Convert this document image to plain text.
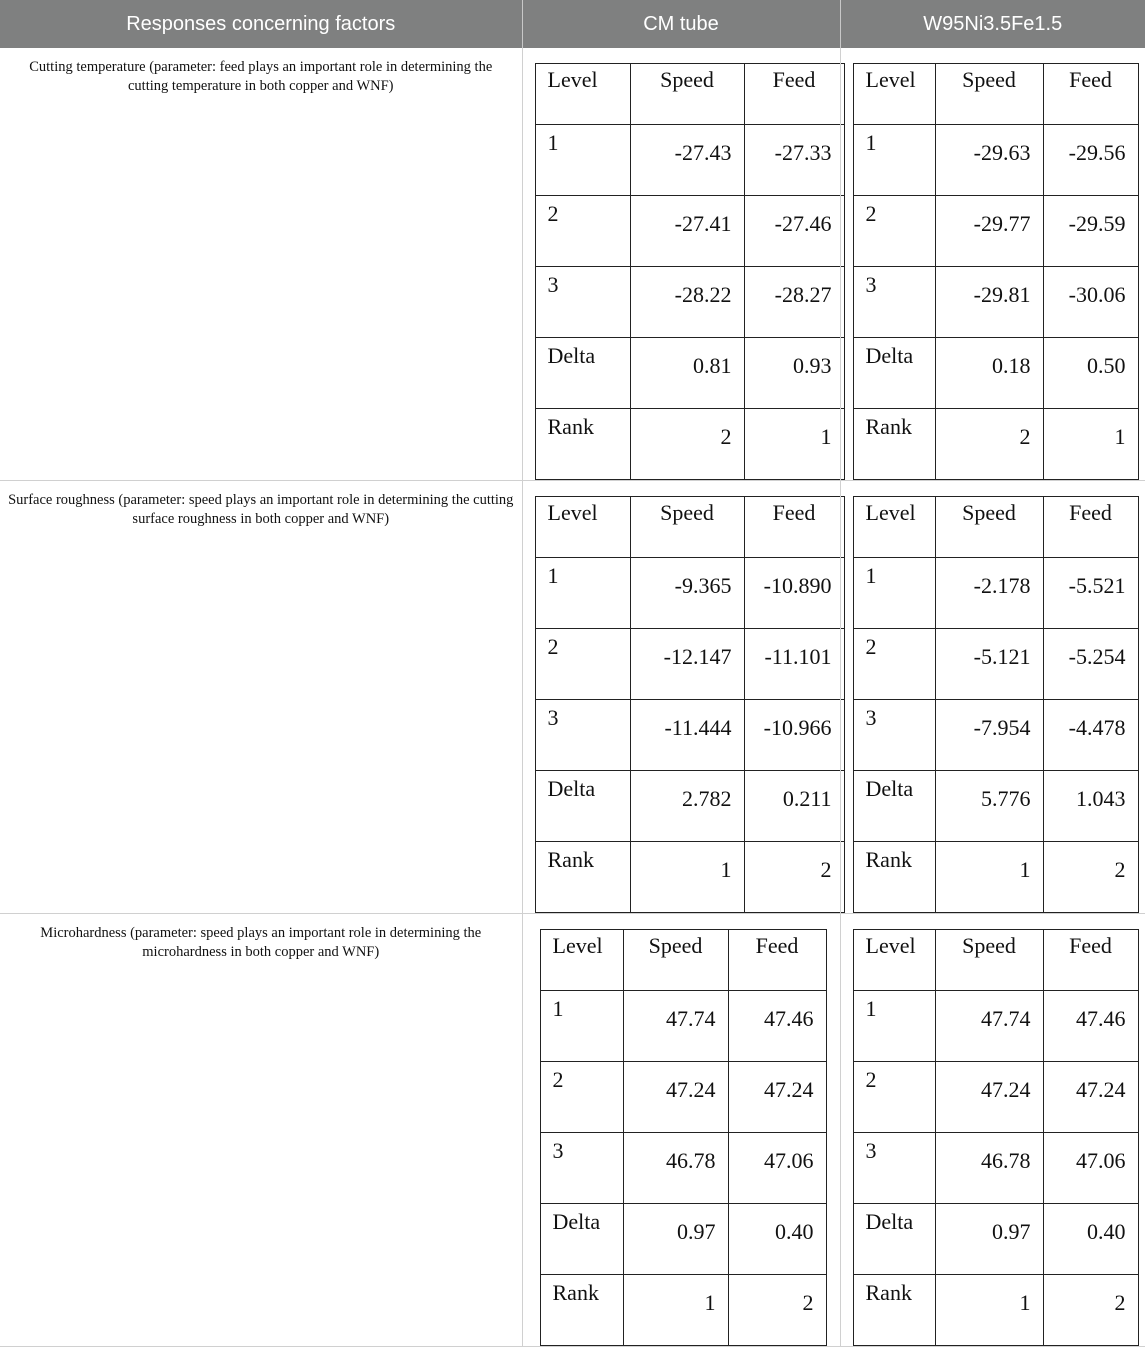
Responses concerning factors	CM tube	W95Ni3.5Fe1.5

Cutting temperature (parameter: feed plays an important role in determining the cutting temperature in both copper and WNF)
		Level	Speed	Feed
1	-27.43	-27.33
2	-27.41	-27.46
3	-28.22	-28.27
Delta	0.81	0.93
Rank	2	1

Level	Speed	Feed
1	-29.63	-29.56
2	-29.77	-29.59
3	-29.81	-30.06
Delta	0.18	0.50
Rank	2	1

Surface roughness (parameter: speed plays an important role in determining the cutting surface roughness in both copper and WNF)
		Level	Speed	Feed
1	-9.365	-10.890
2	-12.147	-11.101
3	-11.444	-10.966
Delta	2.782	0.211
Rank	1	2

Level	Speed	Feed
1	-2.178	-5.521
2	-5.121	-5.254
3	-7.954	-4.478
Delta	5.776	1.043
Rank	1	2

Microhardness (parameter: speed plays an important role in determining the microhardness in both copper and WNF)
		Level	Speed	Feed
1	47.74	47.46
2	47.24	47.24
3	46.78	47.06
Delta	0.97	0.40
Rank	1	2

Level	Speed	Feed
1	47.74	47.46
2	47.24	47.24
3	46.78	47.06
Delta	0.97	0.40
Rank	1	2
